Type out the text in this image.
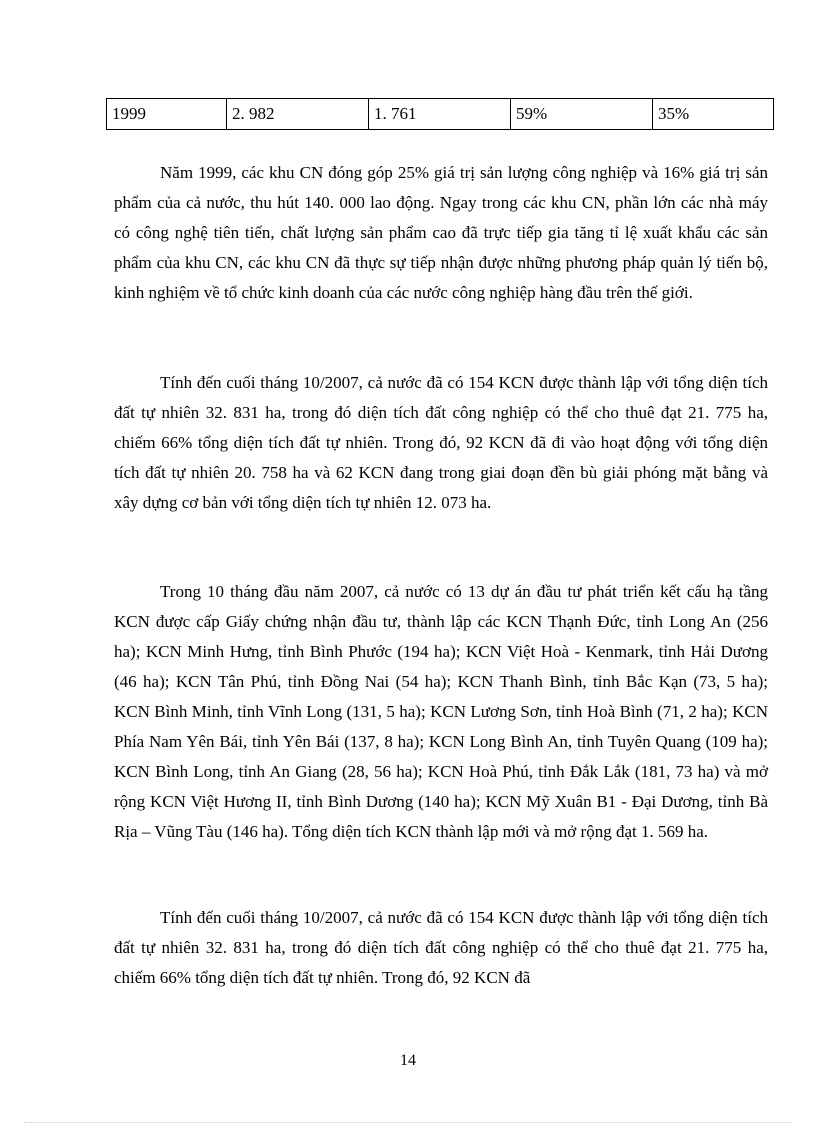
1999	2. 982	1. 761	59%	35%

Năm 1999, các khu CN đóng góp 25% giá trị sản lượng công nghiệp và 16% giá trị sản phẩm của cả nước, thu hút 140. 000 lao động. Ngay trong các khu CN, phần lớn các nhà máy có công nghệ tiên tiến, chất lượng sản phẩm cao đã trực tiếp gia tăng tỉ lệ xuất khẩu các sản phẩm của khu CN, các khu CN đã thực sự tiếp nhận được những phương pháp quản lý tiến bộ, kinh nghiệm về tổ chức kinh doanh của các nước công nghiệp hàng đầu trên thế giới.

Tính đến cuối tháng 10/2007, cả nước đã có 154 KCN được thành lập với tổng diện tích đất tự nhiên 32. 831 ha, trong đó diện tích đất công nghiệp có thể cho thuê đạt 21. 775 ha, chiếm 66% tổng diện tích đất tự nhiên. Trong đó, 92 KCN đã đi vào hoạt động với tổng diện tích đất tự nhiên 20. 758 ha và 62 KCN đang trong giai đoạn đền bù giải phóng mặt bằng và xây dựng cơ bản với tổng diện tích tự nhiên 12. 073 ha.

Trong 10 tháng đầu năm 2007, cả nước có 13 dự án đầu tư phát triển kết cấu hạ tầng KCN được cấp Giấy chứng nhận đầu tư, thành lập các KCN Thạnh Đức, tỉnh Long An (256 ha); KCN Minh Hưng, tỉnh Bình Phước (194 ha); KCN Việt Hoà - Kenmark, tỉnh Hải Dương (46 ha); KCN Tân Phú, tỉnh Đồng Nai (54 ha); KCN Thanh Bình, tỉnh Bắc Kạn (73, 5 ha); KCN Bình Minh, tỉnh Vĩnh Long (131, 5 ha); KCN Lương Sơn, tỉnh Hoà Bình (71, 2 ha); KCN Phía Nam Yên Bái, tỉnh Yên Bái (137, 8 ha); KCN Long Bình An, tỉnh Tuyên Quang (109 ha); KCN Bình Long, tỉnh An Giang (28, 56 ha); KCN Hoà Phú, tỉnh Đắk Lắk (181, 73 ha) và mở rộng KCN Việt Hương II, tỉnh Bình Dương (140 ha); KCN Mỹ Xuân B1 - Đại Dương, tỉnh Bà Rịa – Vũng Tàu (146 ha). Tổng diện tích KCN thành lập mới và mở rộng đạt 1. 569 ha.

Tính đến cuối tháng 10/2007, cả nước đã có 154 KCN được thành lập với tổng diện tích đất tự nhiên 32. 831 ha, trong đó diện tích đất công nghiệp có thể cho thuê đạt 21. 775 ha, chiếm 66% tổng diện tích đất tự nhiên. Trong đó, 92 KCN đã

14
